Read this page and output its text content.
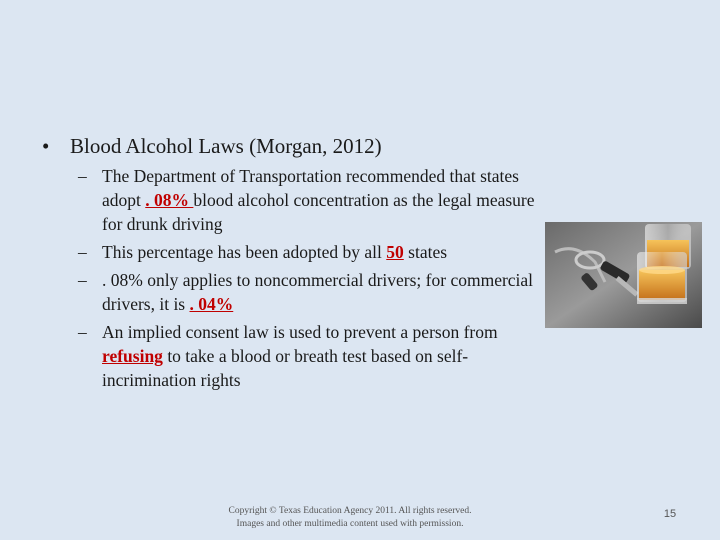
• Blood Alcohol Laws (Morgan, 2012)
– The Department of Transportation recommended that states adopt . 08% blood alcohol concentration as the legal measure for drunk driving
– This percentage has been adopted by all 50 states
– . 08% only applies to noncommercial drivers; for commercial drivers, it is . 04%
– An implied consent law is used to prevent a person from refusing to take a blood or breath test based on self-incrimination rights
Copyright © Texas Education Agency 2011. All rights reserved.
Images and other multimedia content used with permission.
15
